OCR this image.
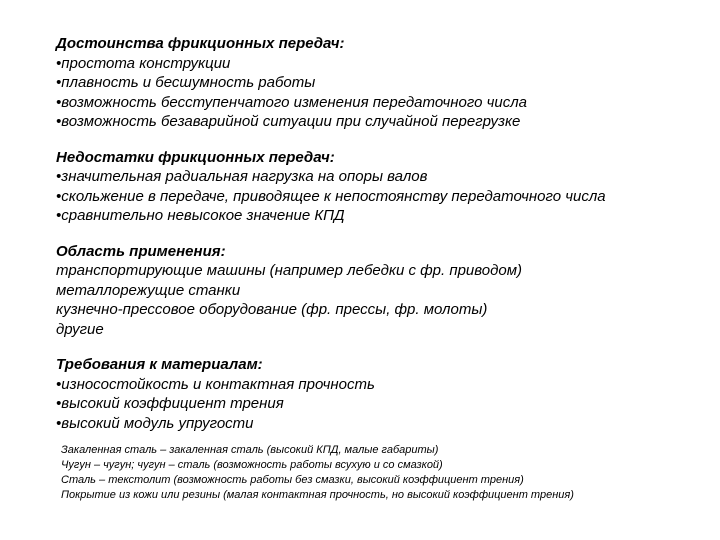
Достоинства фрикционных передач:
•простота конструкции
•плавность и бесшумность работы
•возможность бесступенчатого изменения передаточного числа
•возможность безаварийной ситуации при случайной перегрузке
Недостатки фрикционных передач:
•значительная радиальная нагрузка на опоры валов
•скольжение в передаче, приводящее к непостоянству передаточного числа
•сравнительно невысокое значение КПД
Область применения:
транспортирующие машины (например лебедки с фр. приводом)
металлорежущие станки
кузнечно-прессовое оборудование (фр. прессы, фр. молоты)
другие
Требования к материалам:
•износостойкость и контактная прочность
•высокий коэффициент трения
•высокий модуль упругости
Закаленная сталь – закаленная сталь (высокий КПД, малые габариты)
Чугун – чугун; чугун – сталь (возможность работы всухую и со смазкой)
Сталь – текстолит (возможность работы без смазки, высокий коэффициент трения)
Покрытие из кожи или резины (малая контактная прочность, но высокий коэффициент трения)
